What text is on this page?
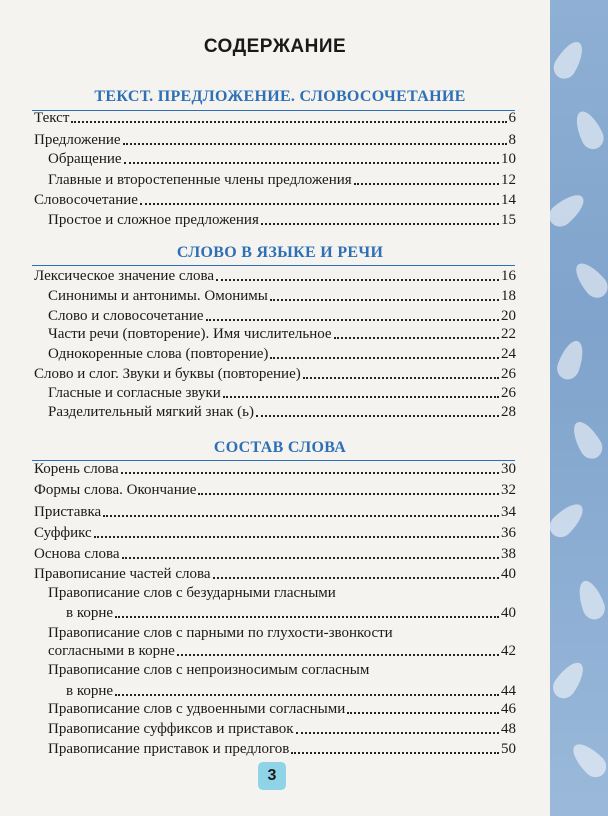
СОДЕРЖАНИЕ
ТЕКСТ. ПРЕДЛОЖЕНИЕ. СЛОВОСОЧЕТАНИЕ
Текст	6
Предложение	8
Обращение	10
Главные и второстепенные члены предложения	12
Словосочетание	14
Простое и сложное предложения	15
СЛОВО В ЯЗЫКЕ И РЕЧИ
Лексическое значение слова	16
Синонимы и антонимы. Омонимы	18
Слово и словосочетание	20
Части речи (повторение). Имя числительное	22
Однокоренные слова (повторение)	24
Слово и слог. Звуки и буквы (повторение)	26
Гласные и согласные звуки	26
Разделительный мягкий знак (ь)	28
СОСТАВ СЛОВА
Корень слова	30
Формы слова. Окончание	32
Приставка	34
Суффикс	36
Основа слова	38
Правописание частей слова	40
Правописание слов с безударными гласными
в корне	40
Правописание слов с парными по глухости-звонкости
согласными в корне	42
Правописание слов с непроизносимым согласным
в корне	44
Правописание слов с удвоенными согласными	46
Правописание суффиксов и приставок	48
Правописание приставок и предлогов	50
3
